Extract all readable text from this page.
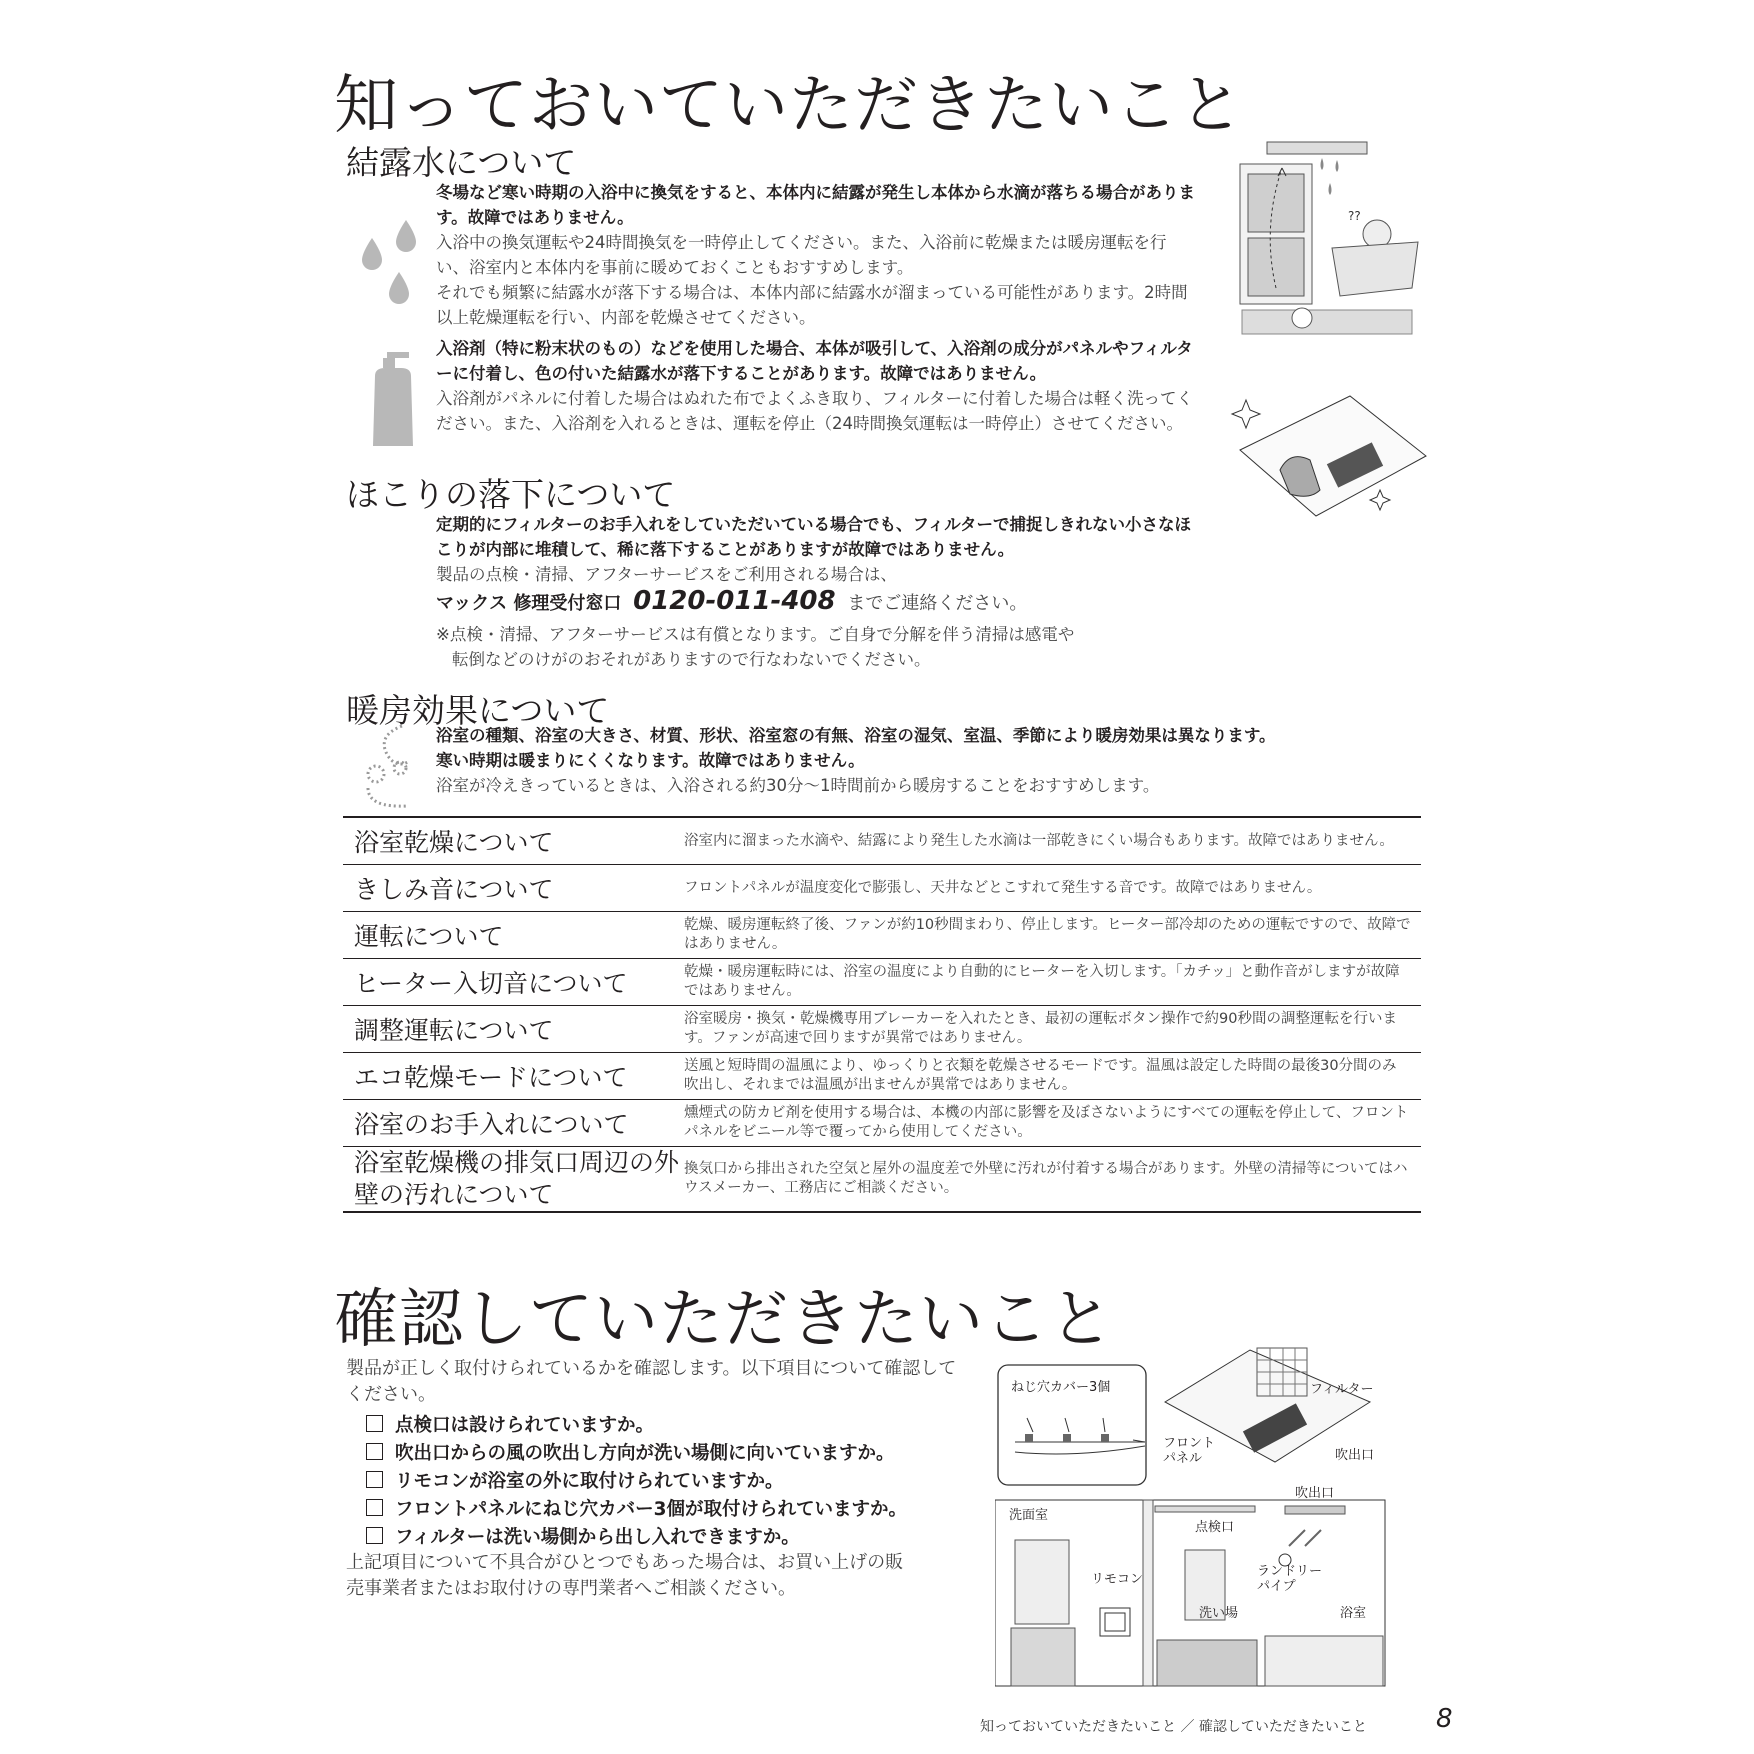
知っておいていただきたいこと
結露水について
冬場など寒い時期の入浴中に換気をすると、本体内に結露が発生し本体から水滴が落ちる場合があります。故障ではありません。
入浴中の換気運転や24時間換気を一時停止してください。また、入浴前に乾燥または暖房運転を行い、浴室内と本体内を事前に暖めておくこともおすすめします。
それでも頻繁に結露水が落下する場合は、本体内部に結露水が溜まっている可能性があります。2時間以上乾燥運転を行い、内部を乾燥させてください。
入浴剤（特に粉末状のもの）などを使用した場合、本体が吸引して、入浴剤の成分がパネルやフィルターに付着し、色の付いた結露水が落下することがあります。故障ではありません。
入浴剤がパネルに付着した場合はぬれた布でよくふき取り、フィルターに付着した場合は軽く洗ってください。また、入浴剤を入れるときは、運転を停止（24時間換気運転は一時停止）させてください。
??
ほこりの落下について
定期的にフィルターのお手入れをしていただいている場合でも、フィルターで捕捉しきれない小さなほこりが内部に堆積して、稀に落下することがありますが故障ではありません。
製品の点検・清掃、アフターサービスをご利用される場合は、
マックス 修理受付窓口 0120-011-408 までご連絡ください。
※点検・清掃、アフターサービスは有償となります。ご自身で分解を伴う清掃は感電や
転倒などのけがのおそれがありますので行なわないでください。
暖房効果について
浴室の種類、浴室の大きさ、材質、形状、浴室窓の有無、浴室の湿気、室温、季節により暖房効果は異なります。
寒い時期は暖まりにくくなります。故障ではありません。
浴室が冷えきっているときは、入浴される約30分～1時間前から暖房することをおすすめします。
浴室乾燥について	浴室内に溜まった水滴や、結露により発生した水滴は一部乾きにくい場合もあります。故障ではありません。
きしみ音について	フロントパネルが温度変化で膨張し、天井などとこすれて発生する音です。故障ではありません。
運転について	乾燥、暖房運転終了後、ファンが約10秒間まわり、停止します。ヒーター部冷却のための運転ですので、故障ではありません。
ヒーター入切音について	乾燥・暖房運転時には、浴室の温度により自動的にヒーターを入切します。「カチッ」と動作音がしますが故障ではありません。
調整運転について	浴室暖房・換気・乾燥機専用ブレーカーを入れたとき、最初の運転ボタン操作で約90秒間の調整運転を行います。ファンが高速で回りますが異常ではありません。
エコ乾燥モードについて	送風と短時間の温風により、ゆっくりと衣類を乾燥させるモードです。温風は設定した時間の最後30分間のみ吹出し、それまでは温風が出ませんが異常ではありません。
浴室のお手入れについて	燻煙式の防カビ剤を使用する場合は、本機の内部に影響を及ぼさないようにすべての運転を停止して、フロントパネルをビニール等で覆ってから使用してください。
浴室乾燥機の排気口周辺の外壁の汚れについて	換気口から排出された空気と屋外の温度差で外壁に汚れが付着する場合があります。外壁の清掃等についてはハウスメーカー、工務店にご相談ください。
確認していただきたいこと
製品が正しく取付けられているかを確認します。以下項目について確認してください。
点検口は設けられていますか。
吹出口からの風の吹出し方向が洗い場側に向いていますか。
リモコンが浴室の外に取付けられていますか。
フロントパネルにねじ穴カバー3個が取付けられていますか。
フィルターは洗い場側から出し入れできますか。
上記項目について不具合がひとつでもあった場合は、お買い上げの販売事業者またはお取付けの専門業者へご相談ください。
ねじ穴カバー3個	フィルター
フロント
パネル	吹出口
吹出口
洗面室
点検口
リモコン
ランドリー
パイプ
洗い場	浴室
知っておいていただきたいこと ／ 確認していただきたいこと	8
